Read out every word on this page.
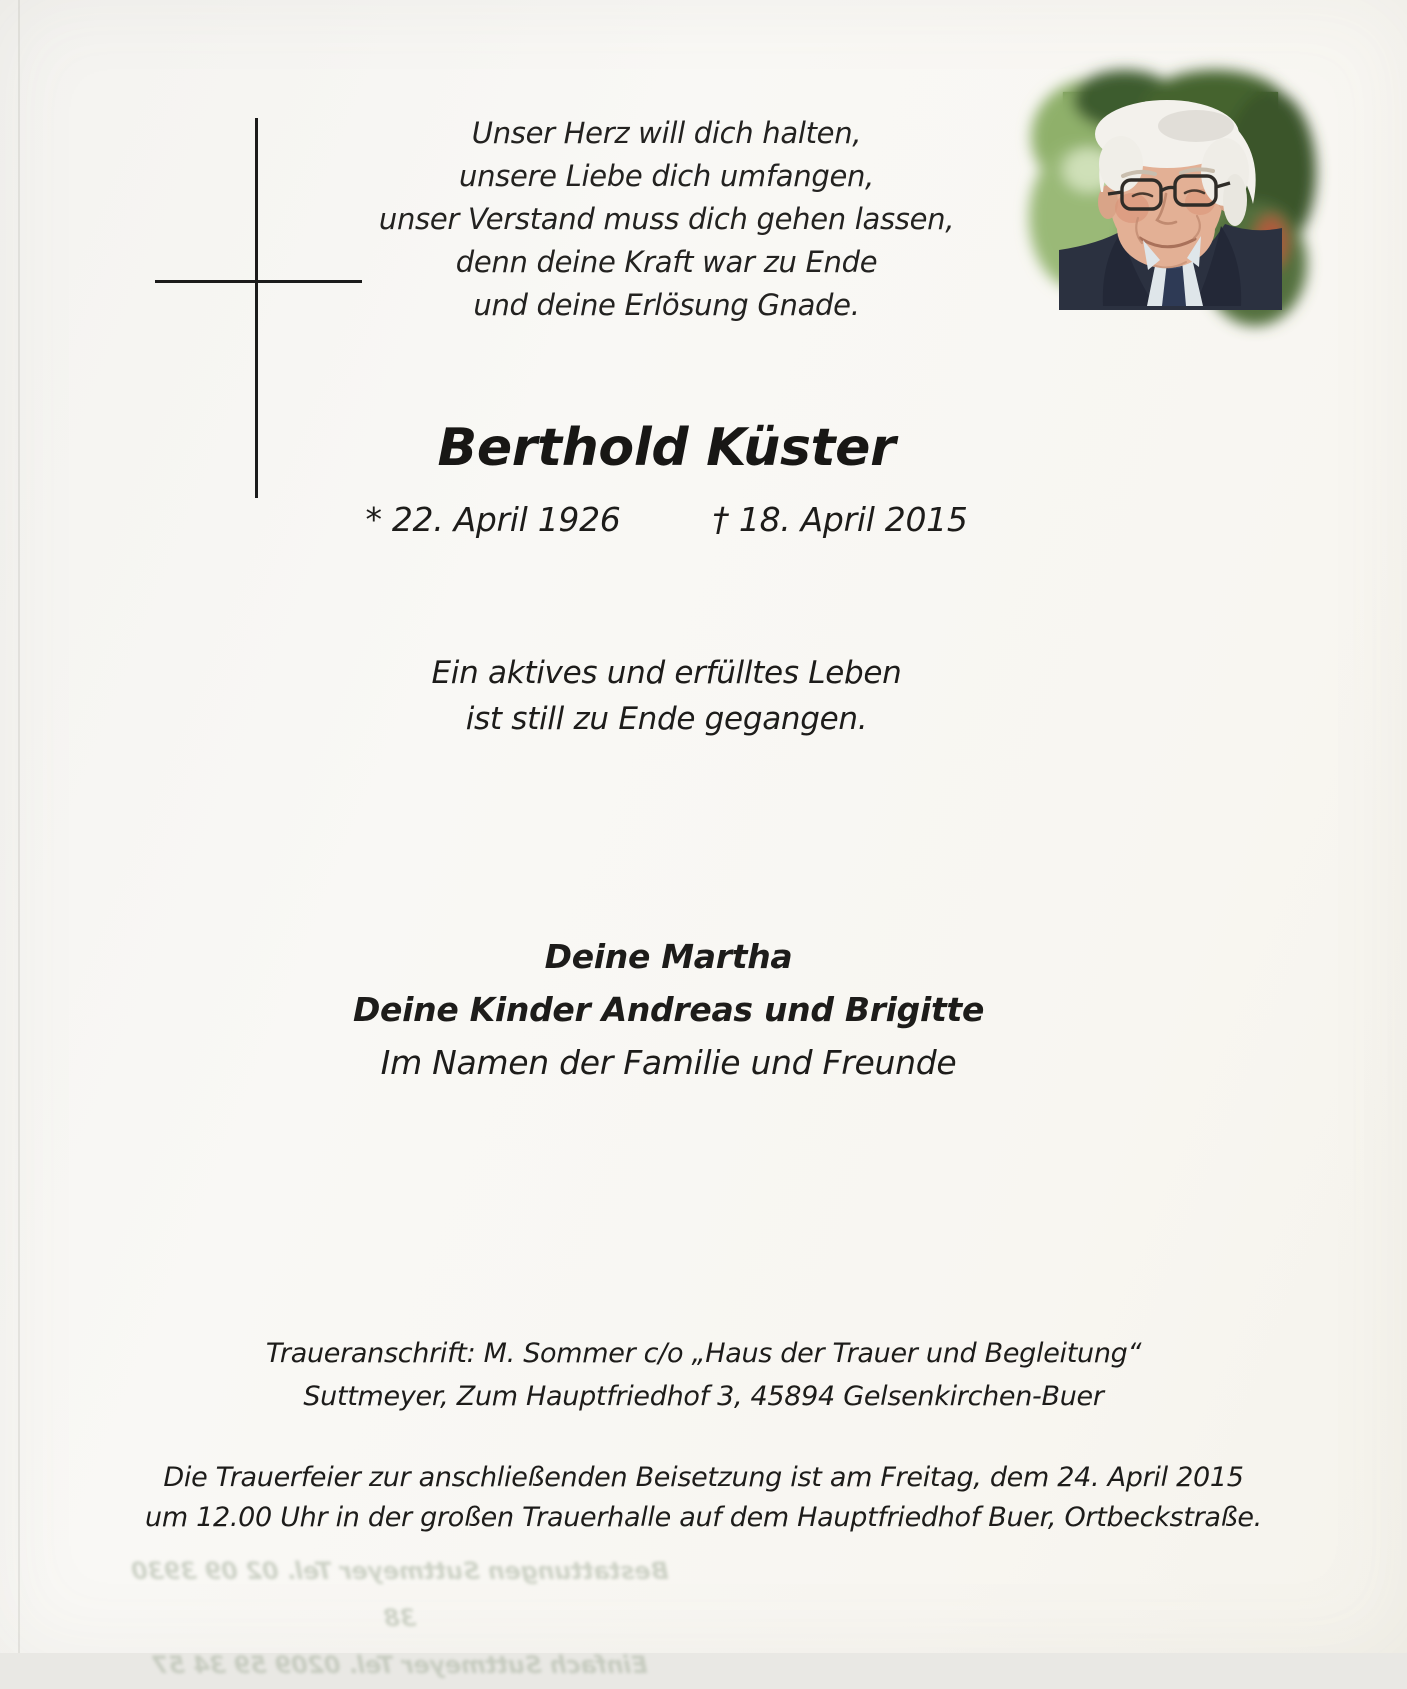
Unser Herz will dich halten,
unsere Liebe dich umfangen,
unser Verstand muss dich gehen lassen,
denn deine Kraft war zu Ende
und deine Erlösung Gnade.
Berthold Küster
* 22. April 1926	† 18. April 2015
Ein aktives und erfülltes Leben
ist still zu Ende gegangen.
Deine Martha
Deine Kinder Andreas und Brigitte
Im Namen der Familie und Freunde
Traueranschrift: M. Sommer c/o „Haus der Trauer und Begleitung“
Suttmeyer, Zum Hauptfriedhof 3, 45894 Gelsenkirchen-Buer
Die Trauerfeier zur anschließenden Beisetzung ist am Freitag, dem 24. April 2015
um 12.00 Uhr in der großen Trauerhalle auf dem Hauptfriedhof Buer, Ortbeckstraße.
Bestattungen Suttmeyer Tel. 02 09 3930 38
Einfach Suttmeyer Tel. 0209 59 34 57
